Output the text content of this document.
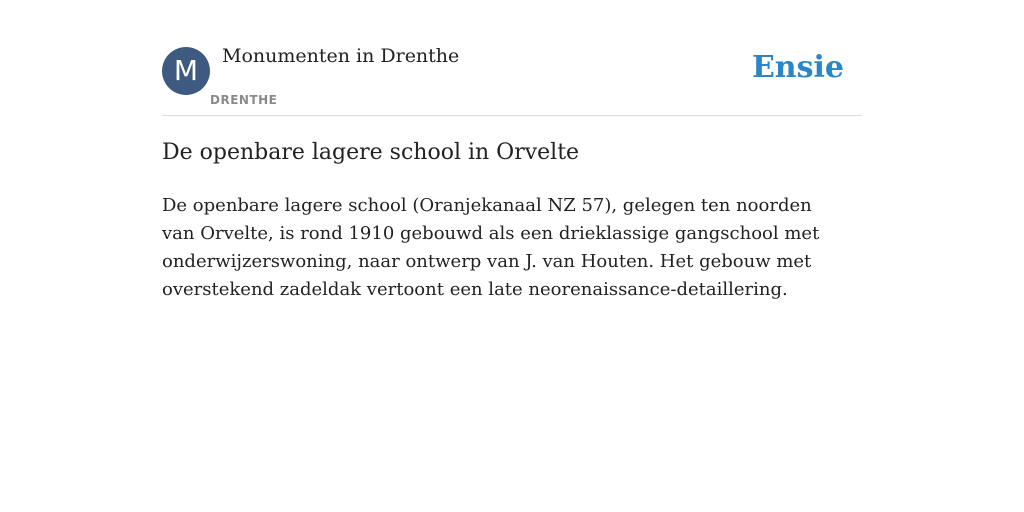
M	Monumenten in Drenthe
DRENTHE
Ensie
De openbare lagere school in Orvelte

De openbare lagere school (Oranjekanaal NZ 57), gelegen ten noorden van Orvelte, is rond 1910 gebouwd als een drieklassige gangschool met onderwijzerswoning, naar ontwerp van J. van Houten. Het gebouw met overstekend zadeldak vertoont een late neorenaissance-detaillering.
